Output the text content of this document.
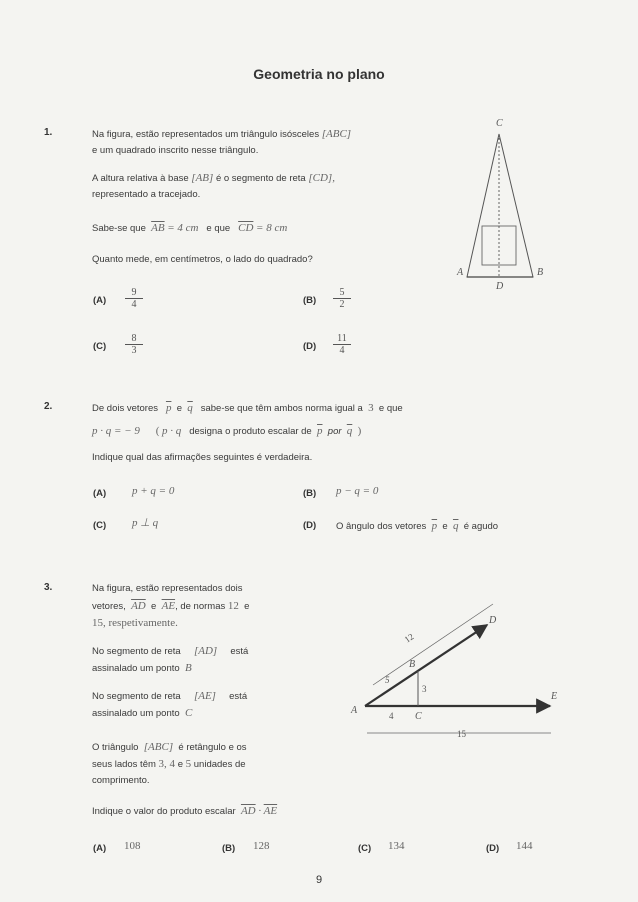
Geometria no plano
1.	Na figura, estão representados um triângulo isósceles [ABC]
e um quadrado inscrito nesse triângulo.
A altura relativa à base [AB] é o segmento de reta [CD],
representado a tracejado.
Sabe-se que $\overline{AB} = 4$ cm e que $\overline{CD} = 8$ cm
Quanto mede, em centímetros, o lado do quadrado?
$(A) \frac{9}{4}$	$(B) \frac{5}{2}$
$(C) \frac{8}{3}$	$(D) \frac{11}{4}$
C
A	B
D
2.	De dois vetores $\overline{p}$ e $\overline{q}$ sabe-se que têm ambos norma igual a 3 e que
p · q = − 9 ( p · q designa o produto escalar de $\overline{p}$ por $\overline{q}$ )
Indique qual das afirmações seguintes é verdadeira.
(A) p + q = 0	(B) p − q = 0
(C) p ⊥ q	(D) O ângulo dos vetores $\overline{p}$ e $\overline{q}$ é agudo
3.	Na figura, estão representados dois
vetores, $\overline{AD}$ e $\overline{AE}$, de normas 12 e
15, respetivamente.
No segmento de reta [AD] está
assinalado um ponto B
No segmento de reta [AE] está
assinalado um ponto C
O triângulo [ABC] é retângulo e os
seus lados têm 3, 4 e 5 unidades de
comprimento.
Indique o valor do produto escalar $\overline{AD} \cdot \overline{AE}$
(A) 108	(B) 128	(C) 134	(D) 144
D
E
A
B
C
12
5
3
4
15
9
